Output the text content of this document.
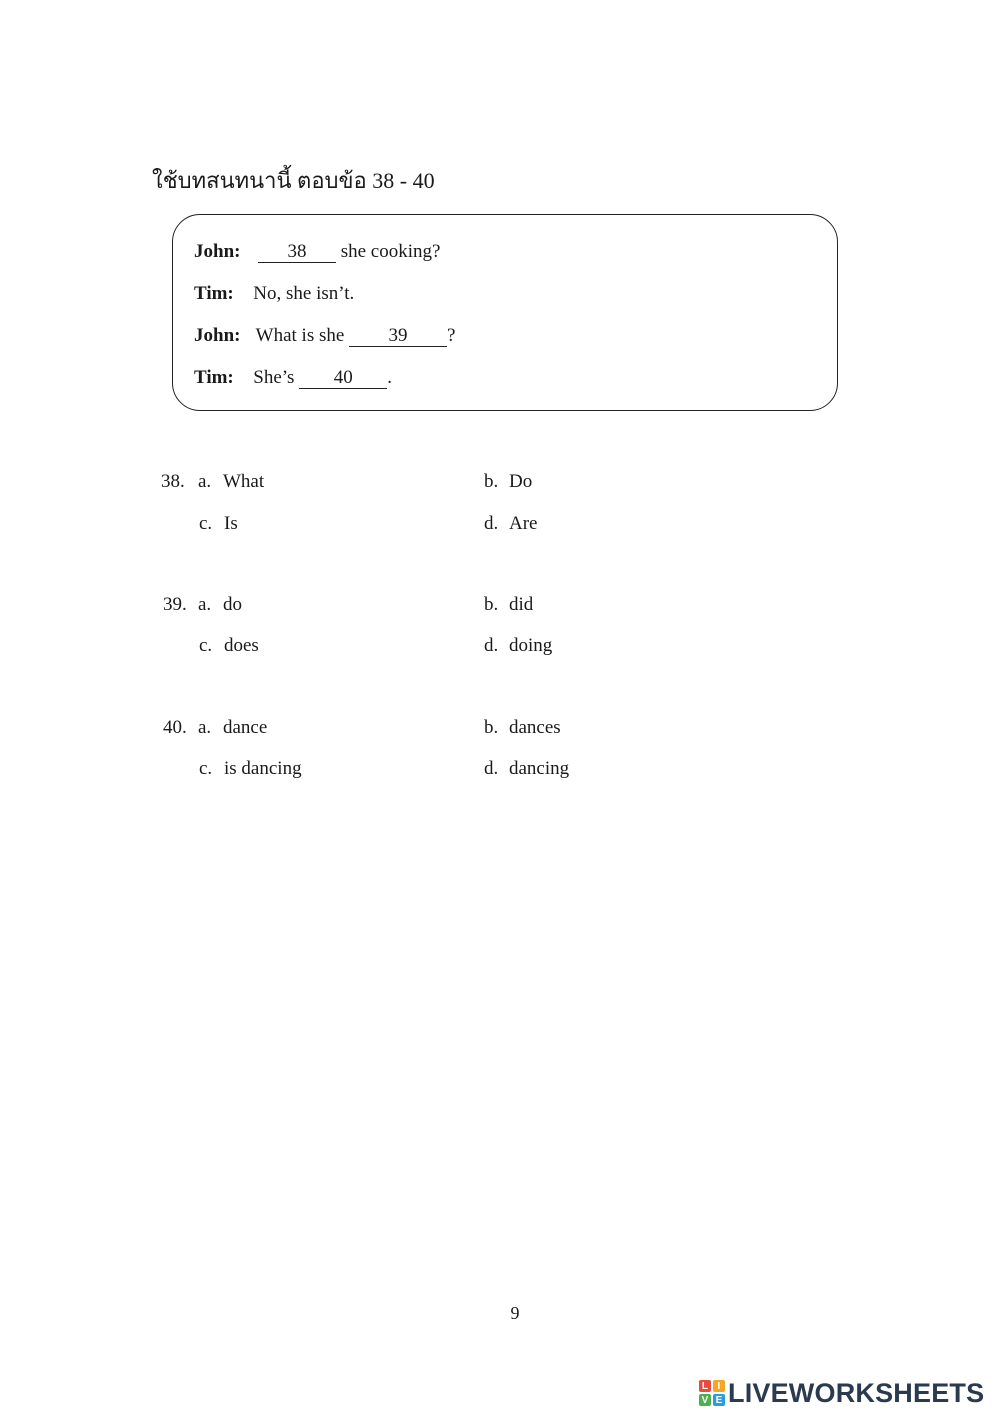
ใช้บทสนทนานี้ ตอบข้อ 38 - 40
John: 38 she cooking?
Tim: No, she isn’t.
John: What is she 39 ?
Tim: She’s 40 .
38. a. What	b. Do
c. Is	d. Are
39. a. do	b. did
c. does	d. doing
40. a. dance	b. dances
c. is dancing	d. dancing
9
L I
V E LIVEWORKSHEETS
